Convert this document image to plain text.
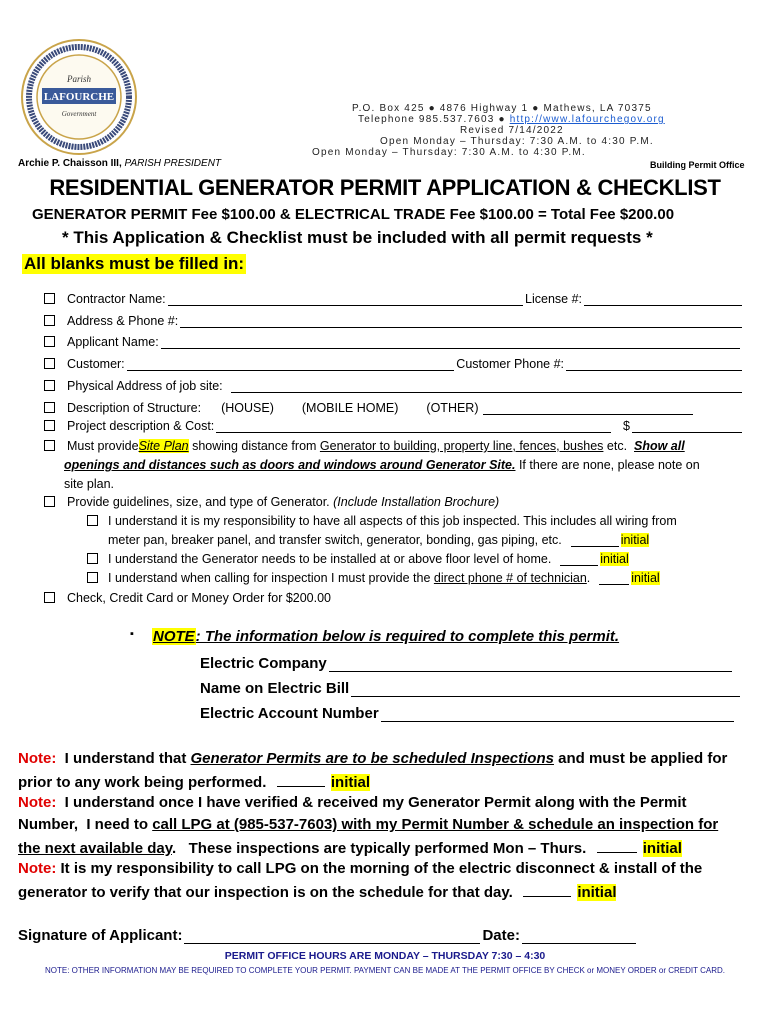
Parish
LAFOURCHE
Government	P.O. Box 425 ● 4876 Highway 1 ● Mathews, LA 70375
Telephone 985.537.7603 ● http://www.lafourchegov.org
Revised 7/14/2022
Open Monday – Thursday: 7:30 A.M. to 4:30 P.M.
Open Monday – Thursday: 7:30 A.M. to 4:30 P.M.
Archie P. Chaisson III, PARISH PRESIDENT	Building Permit Office
RESIDENTIAL GENERATOR PERMIT APPLICATION & CHECKLIST
GENERATOR PERMIT Fee $100.00 & ELECTRICAL TRADE Fee $100.00 = Total Fee $200.00
* This Application & Checklist must be included with all permit requests *
All blanks must be filled in:
Contractor Name:	License #:
Address & Phone #:
Applicant Name:
Customer:	Customer Phone #:
Physical Address of job site:
Description of Structure: (HOUSE) (MOBILE HOME) (OTHER)
Project description & Cost:	$
Must provide Site Plan showing distance from Generator to building, property line, fences, bushes etc. Show all
openings and distances such as doors and windows around Generator Site. If there are none, please note on
site plan.
Provide guidelines, size, and type of Generator. (Include Installation Brochure)
I understand it is my responsibility to have all aspects of this job inspected. This includes all wiring from
meter pan, breaker panel, and transfer switch, generator, bonding, gas piping, etc.	initial
I understand the Generator needs to be installed at or above floor level of home.	initial
I understand when calling for inspection I must provide the direct phone # of technician .	initial
Check, Credit Card or Money Order for $200.00
▪ NOTE: The information below is required to complete this permit.
Electric Company
Name on Electric Bill
Electric Account Number
Note:  I understand that Generator Permits are to be scheduled Inspections and must be applied for
prior to any work being performed.	initial
Note:  I understand once I have verified & received my Generator Permit along with the Permit
Number,  I need to call LPG at (985-537-7603) with my Permit Number & schedule an inspection for
the next available day.   These inspections are typically performed Mon – Thurs.	initial
Note: It is my responsibility to call LPG on the morning of the electric disconnect & install of the
generator to verify that our inspection is on the schedule for that day.	initial
Signature of Applicant:	Date:
PERMIT OFFICE HOURS ARE MONDAY – THURSDAY 7:30 – 4:30
NOTE: OTHER INFORMATION MAY BE REQUIRED TO COMPLETE YOUR PERMIT. PAYMENT CAN BE MADE AT THE PERMIT OFFICE BY CHECK or MONEY ORDER or CREDIT CARD.
